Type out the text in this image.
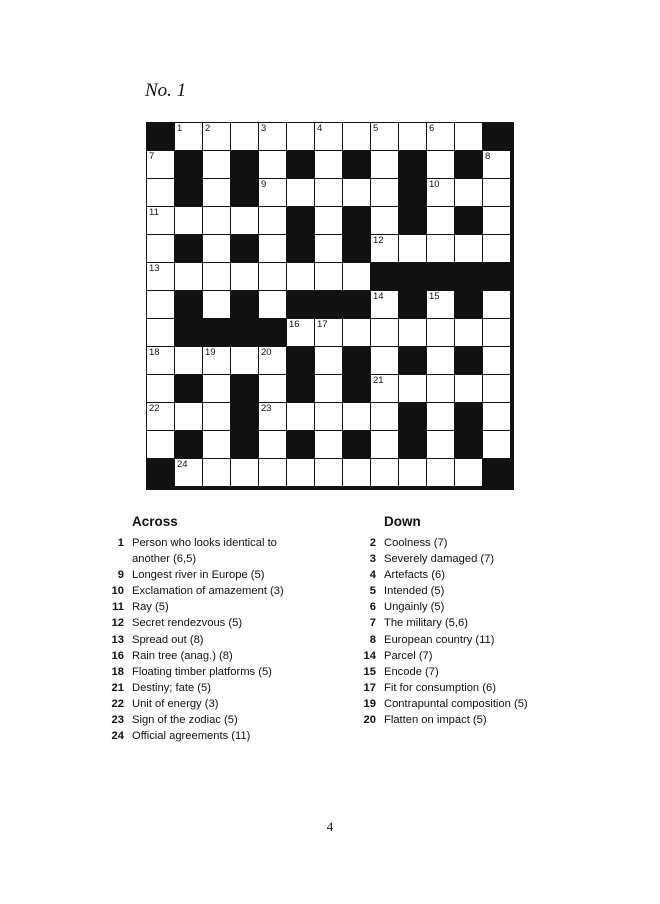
No. 1
1 2	3	4	5	6
7	8
9	10
11
12
13
14	15
16 17
18	19	20
21
22	23
24
Across
1 Person who looks identical to another (6,5)
9 Longest river in Europe (5)
10 Exclamation of amazement (3)
11 Ray (5)
12 Secret rendezvous (5)
13 Spread out (8)
16 Rain tree (anag.) (8)
18 Floating timber platforms (5)
21 Destiny; fate (5)
22 Unit of energy (3)
23 Sign of the zodiac (5)
24 Official agreements (11)
Down
2 Coolness (7)
3 Severely damaged (7)
4 Artefacts (6)
5 Intended (5)
6 Ungainly (5)
7 The military (5,6)
8 European country (11)
14 Parcel (7)
15 Encode (7)
17 Fit for consumption (6)
19 Contrapuntal composition (5)
20 Flatten on impact (5)
4
